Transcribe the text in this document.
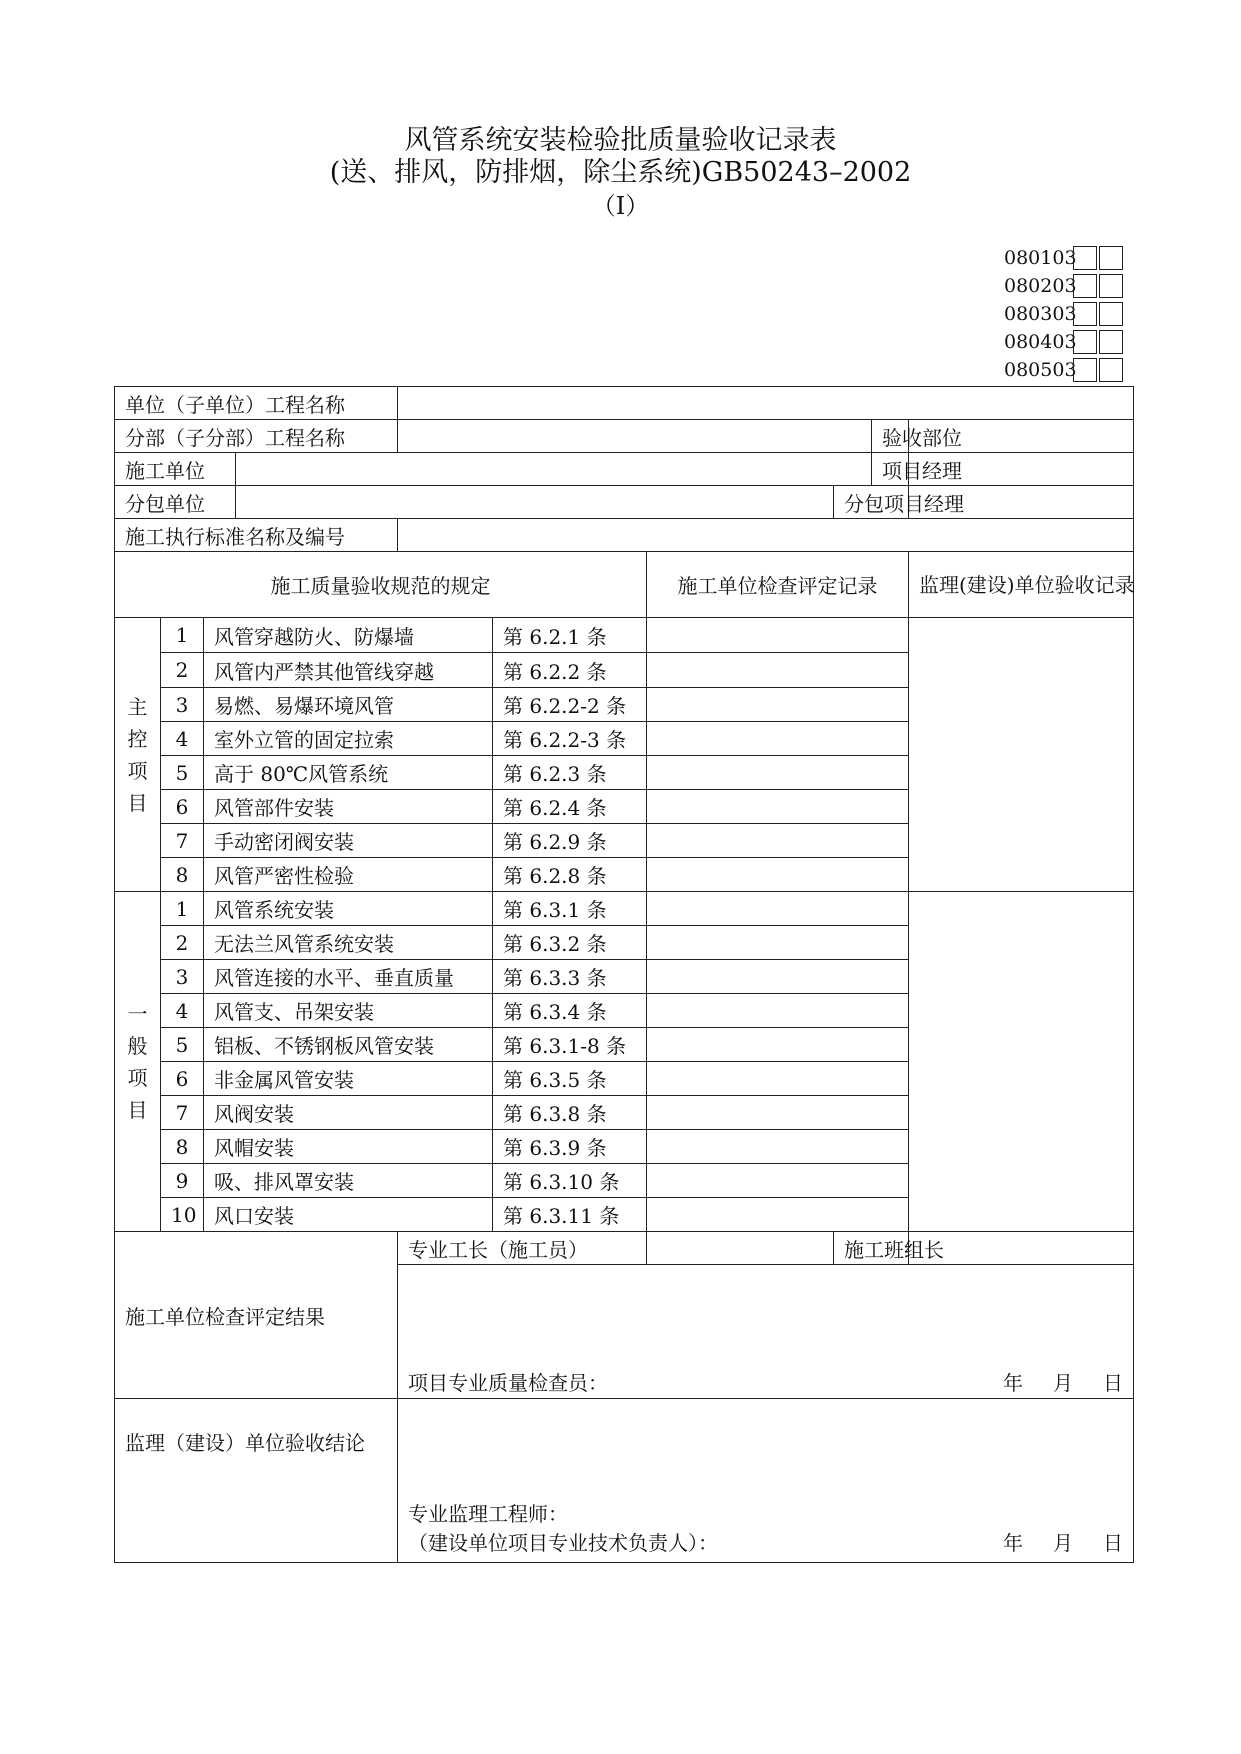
风管系统安装检验批质量验收记录表
(送、排风，防排烟，除尘系统)GB50243–2002
（Ⅰ）
080103
080203
080303
080403
080503
单位（子单位）工程名称									
分部（子分部）工程名称								验收部位	
施工单位								项目经理	
分包单位							分包项目经理		
施工执行标准名称及编号									
施工质量验收规范的规定						施工单位检查评定记录			监理(建设)单位验收记录

主
控
项
目	1	风管穿越防火、防爆墙			第 6.2.1 条				
	2	风管内严禁其他管线穿越			第 6.2.2 条				
	3	易燃、易爆环境风管			第 6.2.2-2 条				
	4	室外立管的固定拉索			第 6.2.2-3 条				
	5	高于 80℃风管系统			第 6.2.3 条				
	6	风管部件安装			第 6.2.4 条				
	7	手动密闭阀安装			第 6.2.9 条				
	8	风管严密性检验			第 6.2.8 条				

一
般
项
目	1	风管系统安装			第 6.3.1 条				
	2	无法兰风管系统安装			第 6.3.2 条				
	3	风管连接的水平、垂直质量			第 6.3.3 条				
	4	风管支、吊架安装			第 6.3.4 条				
	5	铝板、不锈钢板风管安装			第 6.3.1-8 条				
	6	非金属风管安装			第 6.3.5 条				
	7	风阀安装			第 6.3.8 条				
	8	风帽安装			第 6.3.9 条				
	9	吸、排风罩安装			第 6.3.10 条				
	10	风口安装			第 6.3.11 条				
施工单位检查评定结果				专业工长（施工员）			施工班组长		

				项目专业质量检查员： 年 月 日					

监理（建设）单位验收结论				专业监理工程师：
（建设单位项目专业技术负责人）： 年 月 日					
